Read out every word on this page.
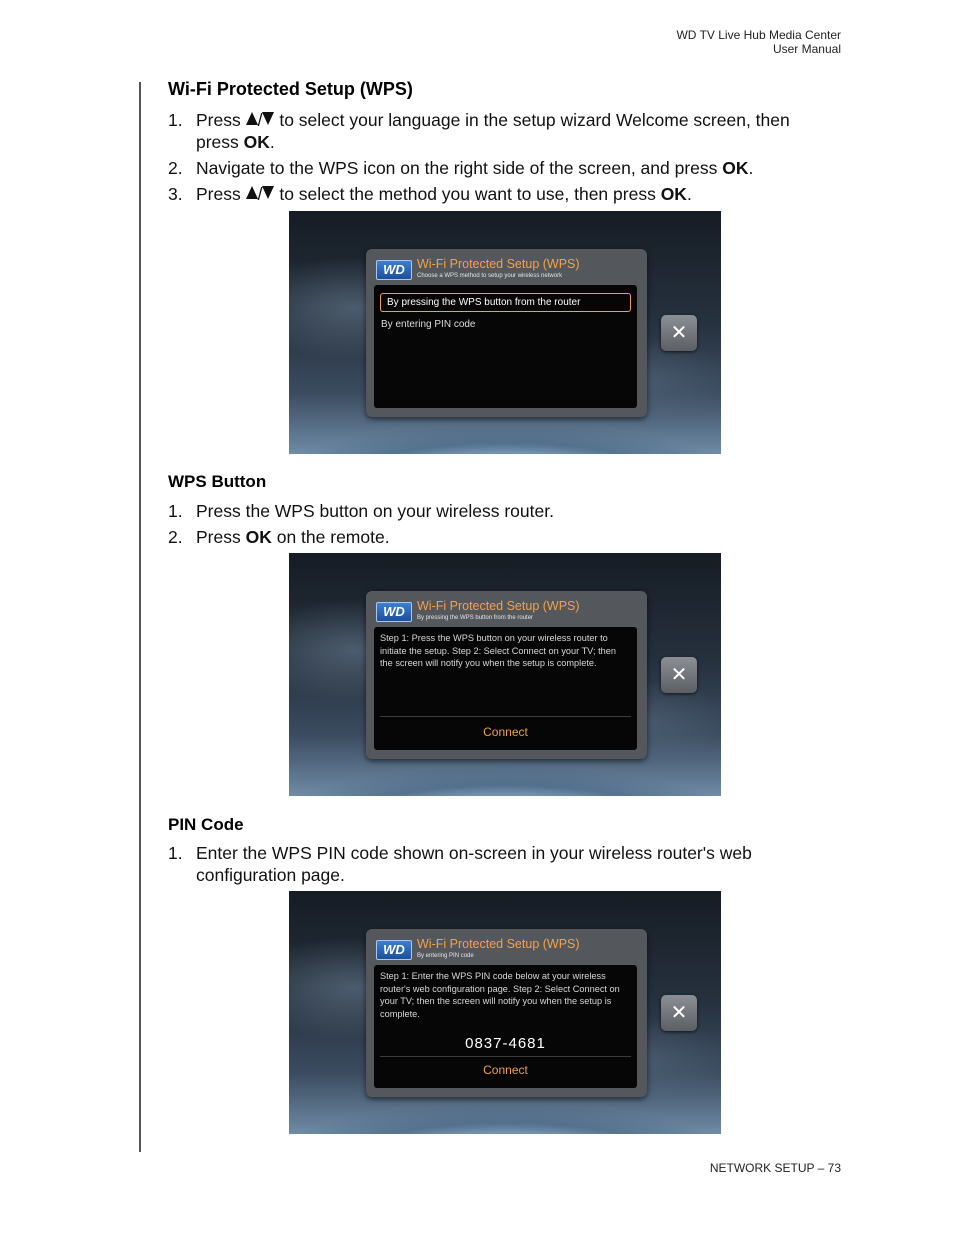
WD TV Live Hub Media Center
User Manual
Wi-Fi Protected Setup (WPS)
1. Press / to select your language in the setup wizard Welcome screen, then press OK.
2. Navigate to the WPS icon on the right side of the screen, and press OK.
3. Press / to select the method you want to use, then press OK.
WD Wi-Fi Protected Setup (WPS)
Choose a WPS method to setup your wireless network
By pressing the WPS button from the router
By entering PIN code	✕
WPS Button
1. Press the WPS button on your wireless router.
2. Press OK on the remote.
WD Wi-Fi Protected Setup (WPS)
By pressing the WPS button from the router
Step 1: Press the WPS button on your wireless router to initiate the setup. Step 2: Select Connect on your TV; then the screen will notify you when the setup is complete.
Connect
✕
PIN Code
1. Enter the WPS PIN code shown on-screen in your wireless router's web configuration page.
WD Wi-Fi Protected Setup (WPS)
By entering PIN code
Step 1: Enter the WPS PIN code below at your wireless router's web configuration page. Step 2: Select Connect on your TV; then the screen will notify you when the setup is complete.
0837-4681
Connect
✕
NETWORK SETUP – 73
